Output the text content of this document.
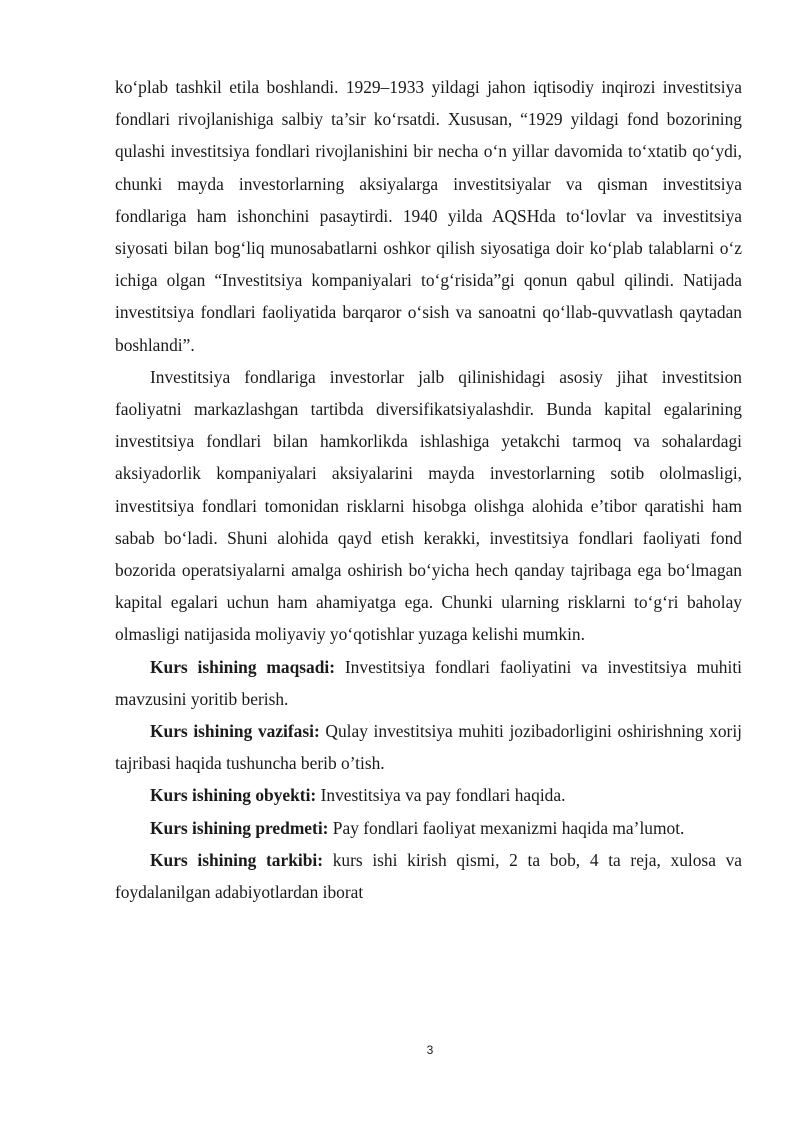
ko‘plab tashkil etila boshlandi. 1929–1933 yildagi jahon iqtisodiy inqirozi investitsiya fondlari rivojlanishiga salbiy ta’sir ko‘rsatdi. Xususan, “1929 yildagi fond bozorining qulashi investitsiya fondlari rivojlanishini bir necha o‘n yillar davomida to‘xtatib qo‘ydi, chunki mayda investorlarning aksiyalarga investitsiyalar va qisman investitsiya fondlariga ham ishonchini pasaytirdi. 1940 yilda AQSHda to‘lovlar va investitsiya siyosati bilan bog‘liq munosabatlarni oshkor qilish siyosatiga doir ko‘plab talablarni o‘z ichiga olgan “Investitsiya kompaniyalari to‘g‘risida”gi qonun qabul qilindi. Natijada investitsiya fondlari faoliyatida barqaror o‘sish va sanoatni qo‘llab-quvvatlash qaytadan boshlandi”.

Investitsiya fondlariga investorlar jalb qilinishidagi asosiy jihat investitsion faoliyatni markazlashgan tartibda diversifikatsiyalashdir. Bunda kapital egalarining investitsiya fondlari bilan hamkorlikda ishlashiga yetakchi tarmoq va sohalardagi aksiyadorlik kompaniyalari aksiyalarini mayda investorlarning sotib ololmasligi, investitsiya fondlari tomonidan risklarni hisobga olishga alohida e’tibor qaratishi ham sabab bo‘ladi. Shuni alohida qayd etish kerakki, investitsiya fondlari faoliyati fond bozorida operatsiyalarni amalga oshirish bo‘yicha hech qanday tajribaga ega bo‘lmagan kapital egalari uchun ham ahamiyatga ega. Chunki ularning risklarni to‘g‘ri baholay olmasligi natijasida moliyaviy yo‘qotishlar yuzaga kelishi mumkin.

Kurs ishining maqsadi: Investitsiya fondlari faoliyatini va investitsiya muhiti mavzusini yoritib berish.

Kurs ishining vazifasi: Qulay investitsiya muhiti jozibadorligini oshirishning xorij tajribasi haqida tushuncha berib o’tish.

Kurs ishining obyekti: Investitsiya va pay fondlari haqida.

Kurs ishining predmeti: Pay fondlari faoliyat mexanizmi haqida ma’lumot.

Kurs ishining tarkibi: kurs ishi kirish qismi, 2 ta bob, 4 ta reja, xulosa va foydalanilgan adabiyotlardan iborat

3
